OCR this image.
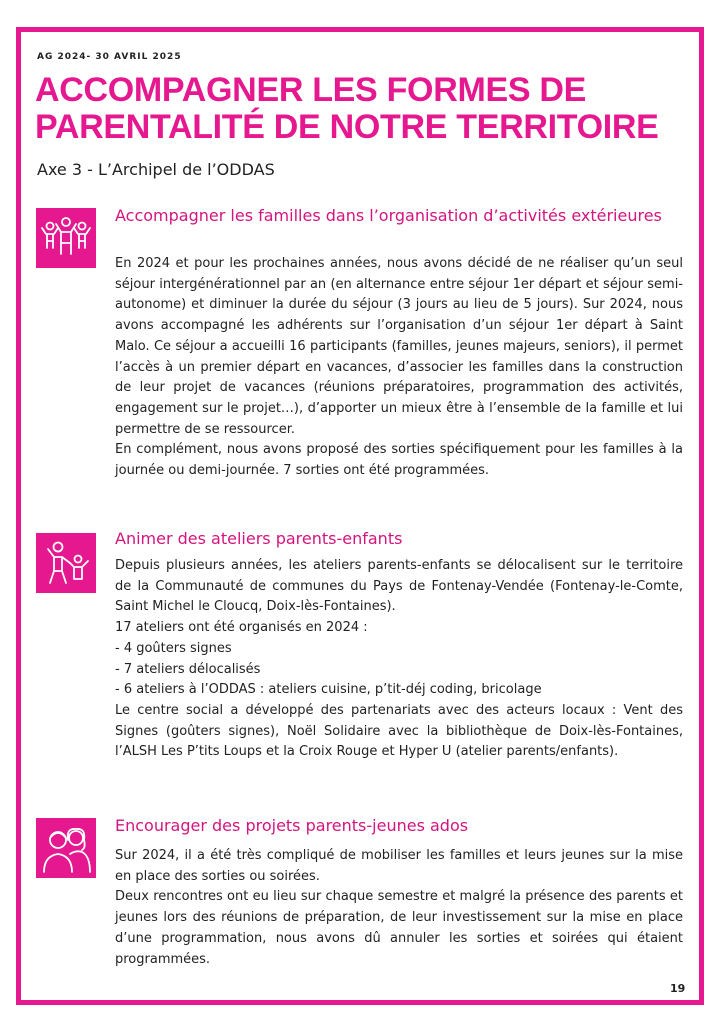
AG 2024- 30 AVRIL 2025
ACCOMPAGNER LES FORMES DE PARENTALITÉ DE NOTRE TERRITOIRE
Axe 3 - L’Archipel de l’ODDAS
Accompagner les familles dans l’organisation d’activités extérieures

En 2024 et pour les prochaines années, nous avons décidé de ne réaliser qu’un seul séjour intergénérationnel par an (en alternance entre séjour 1er départ et séjour semi-autonome) et diminuer la durée du séjour (3 jours au lieu de 5 jours). Sur 2024, nous avons accompagné les adhérents sur l’organisation d’un séjour 1er départ à Saint Malo. Ce séjour a accueilli 16 participants (familles, jeunes majeurs, seniors), il permet l’accès à un premier départ en vacances, d’associer les familles dans la construction de leur projet de vacances (réunions préparatoires, programmation des activités, engagement sur le projet…), d’apporter un mieux être à l’ensemble de la famille et lui permettre de se ressourcer.

En complément, nous avons proposé des sorties spécifiquement pour les familles à la journée ou demi-journée. 7 sorties ont été programmées.

Animer des ateliers parents-enfants

Depuis plusieurs années, les ateliers parents-enfants se délocalisent sur le territoire de la Communauté de communes du Pays de Fontenay-Vendée (Fontenay-le-Comte, Saint Michel le Cloucq, Doix-lès-Fontaines).

17 ateliers ont été organisés en 2024 :

- 4 goûters signes

- 7 ateliers délocalisés

- 6 ateliers à l’ODDAS : ateliers cuisine, p’tit-déj coding, bricolage

Le centre social a développé des partenariats avec des acteurs locaux : Vent des Signes (goûters signes), Noël Solidaire avec la bibliothèque de Doix-lès-Fontaines, l’ALSH Les P’tits Loups et la Croix Rouge et Hyper U (atelier parents/enfants).

Encourager des projets parents-jeunes ados

Sur 2024, il a été très compliqué de mobiliser les familles et leurs jeunes sur la mise en place des sorties ou soirées.

Deux rencontres ont eu lieu sur chaque semestre et malgré la présence des parents et jeunes lors des réunions de préparation, de leur investissement sur la mise en place d’une programmation, nous avons dû annuler les sorties et soirées qui étaient programmées.

19
